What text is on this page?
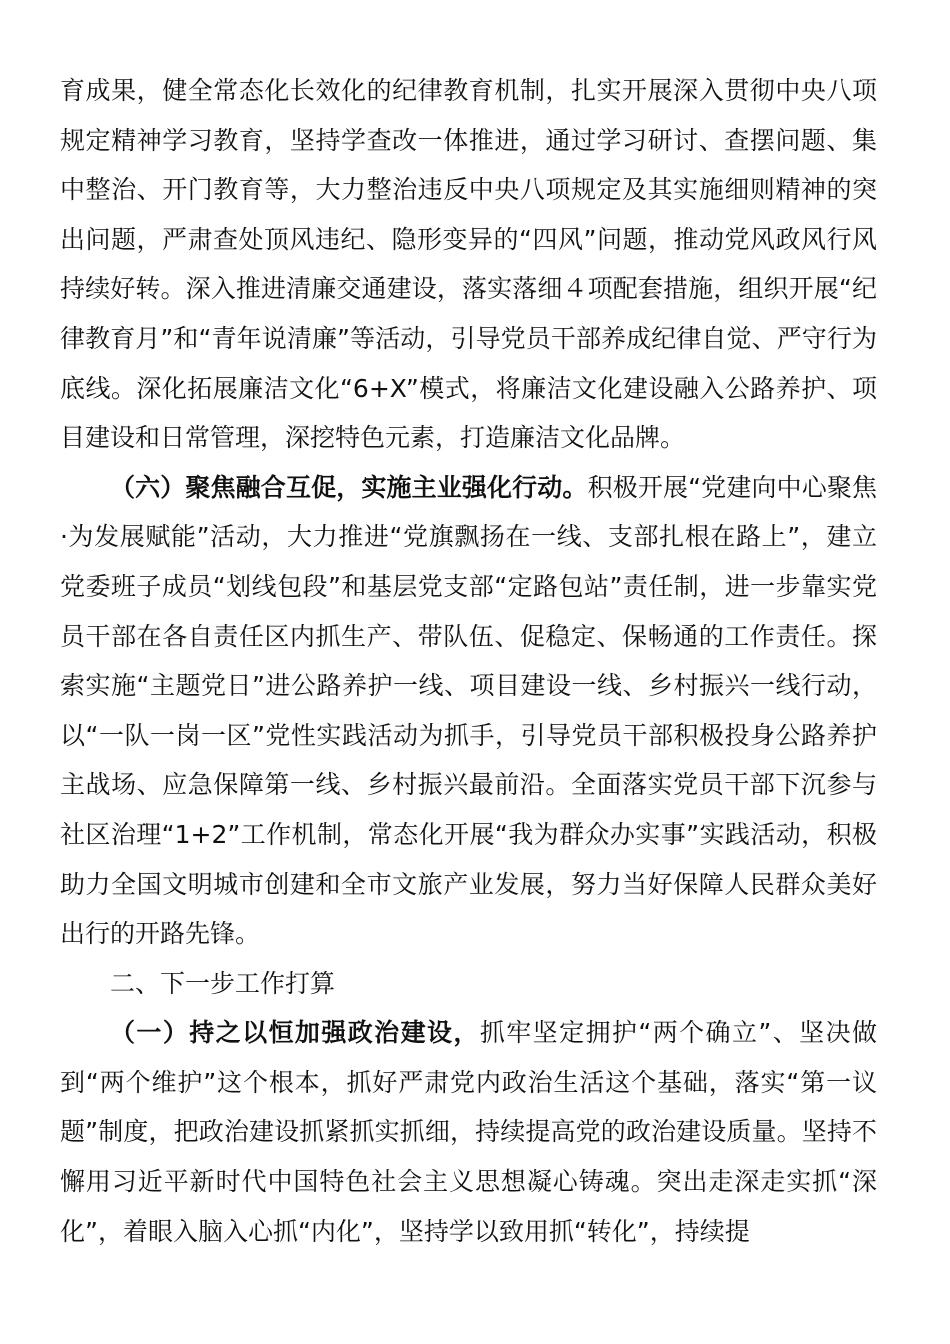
育成果，健全常态化长效化的纪律教育机制，扎实开展深入贯彻中央八项规定精神学习教育，坚持学查改一体推进，通过学习研讨、查摆问题、集中整治、开门教育等，大力整治违反中央八项规定及其实施细则精神的突出问题，严肃查处顶风违纪、隐形变异的“四风”问题，推动党风政风行风持续好转。深入推进清廉交通建设，落实落细４项配套措施，组织开展“纪律教育月”和“青年说清廉”等活动，引导党员干部养成纪律自觉、严守行为底线。深化拓展廉洁文化“6+X”模式，将廉洁文化建设融入公路养护、项目建设和日常管理，深挖特色元素，打造廉洁文化品牌。

（六）聚焦融合互促，实施主业强化行动。积极开展“党建向中心聚焦·为发展赋能”活动，大力推进“党旗飘扬在一线、支部扎根在路上”，建立党委班子成员“划线包段”和基层党支部“定路包站”责任制，进一步靠实党员干部在各自责任区内抓生产、带队伍、促稳定、保畅通的工作责任。探索实施“主题党日”进公路养护一线、项目建设一线、乡村振兴一线行动，以“一队一岗一区”党性实践活动为抓手，引导党员干部积极投身公路养护主战场、应急保障第一线、乡村振兴最前沿。全面落实党员干部下沉参与社区治理“1+2”工作机制，常态化开展“我为群众办实事”实践活动，积极助力全国文明城市创建和全市文旅产业发展，努力当好保障人民群众美好出行的开路先锋。

二、下一步工作打算

（一）持之以恒加强政治建设，抓牢坚定拥护“两个确立”、坚决做到“两个维护”这个根本，抓好严肃党内政治生活这个基础，落实“第一议题”制度，把政治建设抓紧抓实抓细，持续提高党的政治建设质量。坚持不懈用习近平新时代中国特色社会主义思想凝心铸魂。突出走深走实抓“深化”，着眼入脑入心抓“内化”，坚持学以致用抓“转化”，持续提
